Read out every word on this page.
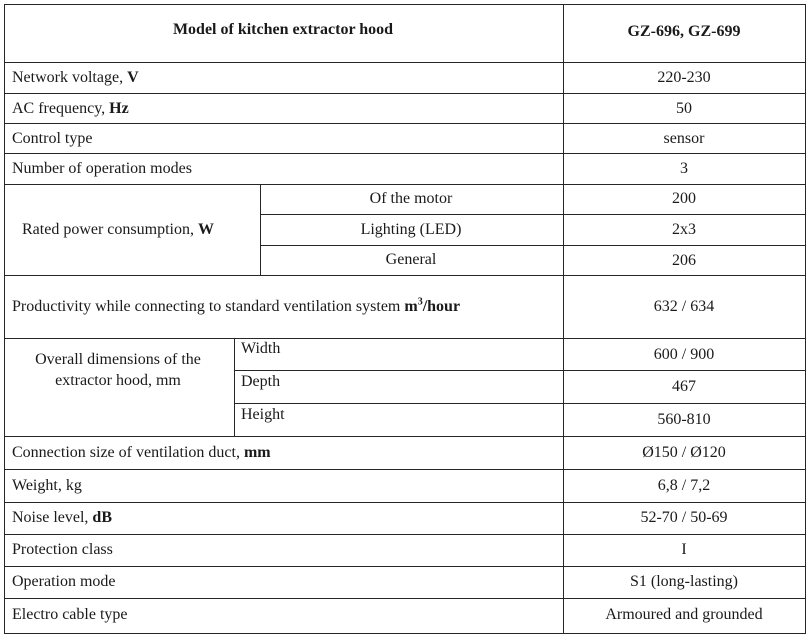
Model of kitchen extractor hood	GZ-696, GZ-699
Network voltage, V	220-230
AC frequency, Hz	50
Control type	sensor
Number of operation modes	3
Rated power consumption, W
Of the motor	200
Lighting (LED)	2x3
General	206
Productivity while connecting to standard ventilation system $m^3$/hour	632 / 634
Overall dimensions of the
extractor hood, mm
Width	600 / 900
Depth	467
Height	560-810
Connection size of ventilation duct, mm	Ø150 / Ø120
Weight, kg	6,8 / 7,2
Noise level, dB	52-70 / 50-69
Protection class	I
Operation mode	S1 (long-lasting)
Electro cable type	Armoured and grounded
